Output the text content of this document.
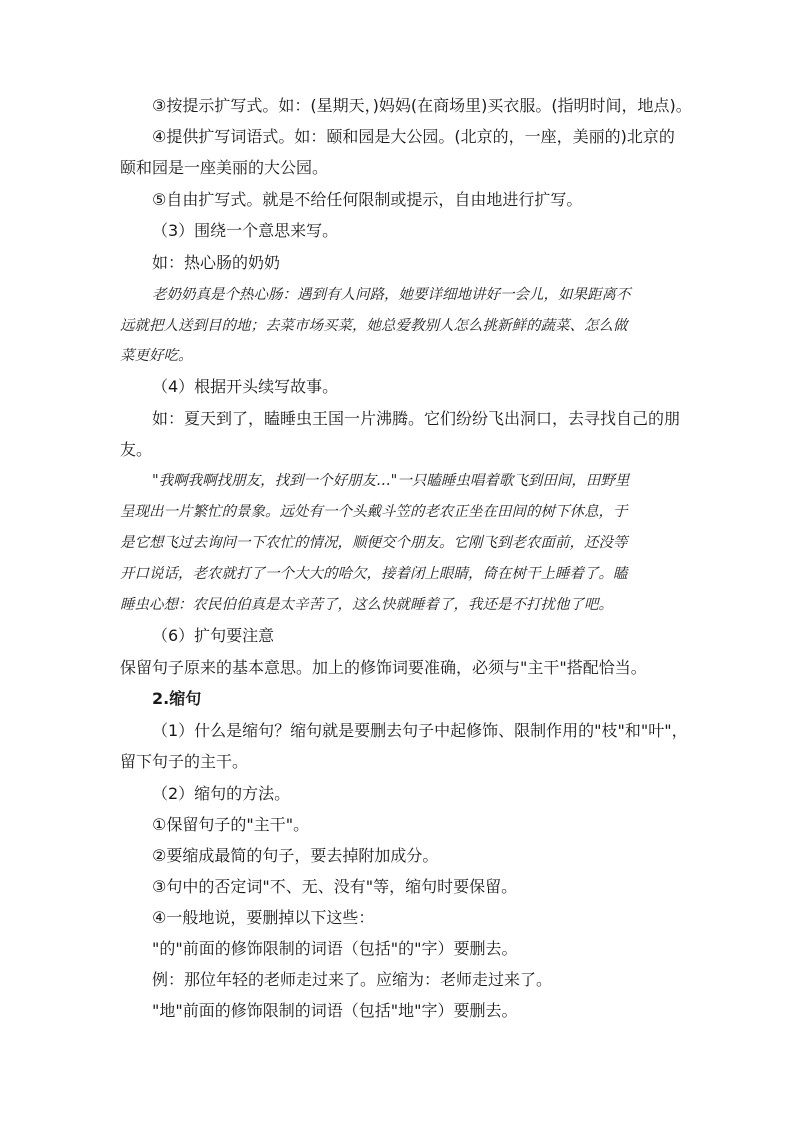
③按提示扩写式。如：(星期天，)妈妈(在商场里)买衣服。(指明时间，地点)。
④提供扩写词语式。如：颐和园是大公园。(北京的，一座，美丽的)北京的
颐和园是一座美丽的大公园。
⑤自由扩写式。就是不给任何限制或提示，自由地进行扩写。
（3）围绕一个意思来写。
如：热心肠的奶奶
老奶奶真是个热心肠：遇到有人问路，她要详细地讲好一会儿，如果距离不
远就把人送到目的地；去菜市场买菜，她总爱教别人怎么挑新鲜的蔬菜、怎么做
菜更好吃。
（4）根据开头续写故事。
如：夏天到了，瞌睡虫王国一片沸腾。它们纷纷飞出洞口，去寻找自己的朋
友。
"我啊我啊找朋友，找到一个好朋友…"一只瞌睡虫唱着歌飞到田间，田野里
呈现出一片繁忙的景象。远处有一个头戴斗笠的老农正坐在田间的树下休息，于
是它想飞过去询问一下农忙的情况，顺便交个朋友。它刚飞到老农面前，还没等
开口说话，老农就打了一个大大的哈欠，接着闭上眼睛，倚在树干上睡着了。瞌
睡虫心想：农民伯伯真是太辛苦了，这么快就睡着了，我还是不打扰他了吧。
（6）扩句要注意
保留句子原来的基本意思。加上的修饰词要准确，必须与"主干"搭配恰当。
2.缩句
（1）什么是缩句？缩句就是要删去句子中起修饰、限制作用的"枝"和"叶"，
留下句子的主干。
（2）缩句的方法。
①保留句子的"主干"。
②要缩成最简的句子，要去掉附加成分。
③句中的否定词"不、无、没有"等，缩句时要保留。
④一般地说，要删掉以下这些：
"的"前面的修饰限制的词语（包括"的"字）要删去。
例：那位年轻的老师走过来了。应缩为：老师走过来了。
"地"前面的修饰限制的词语（包括"地"字）要删去。
